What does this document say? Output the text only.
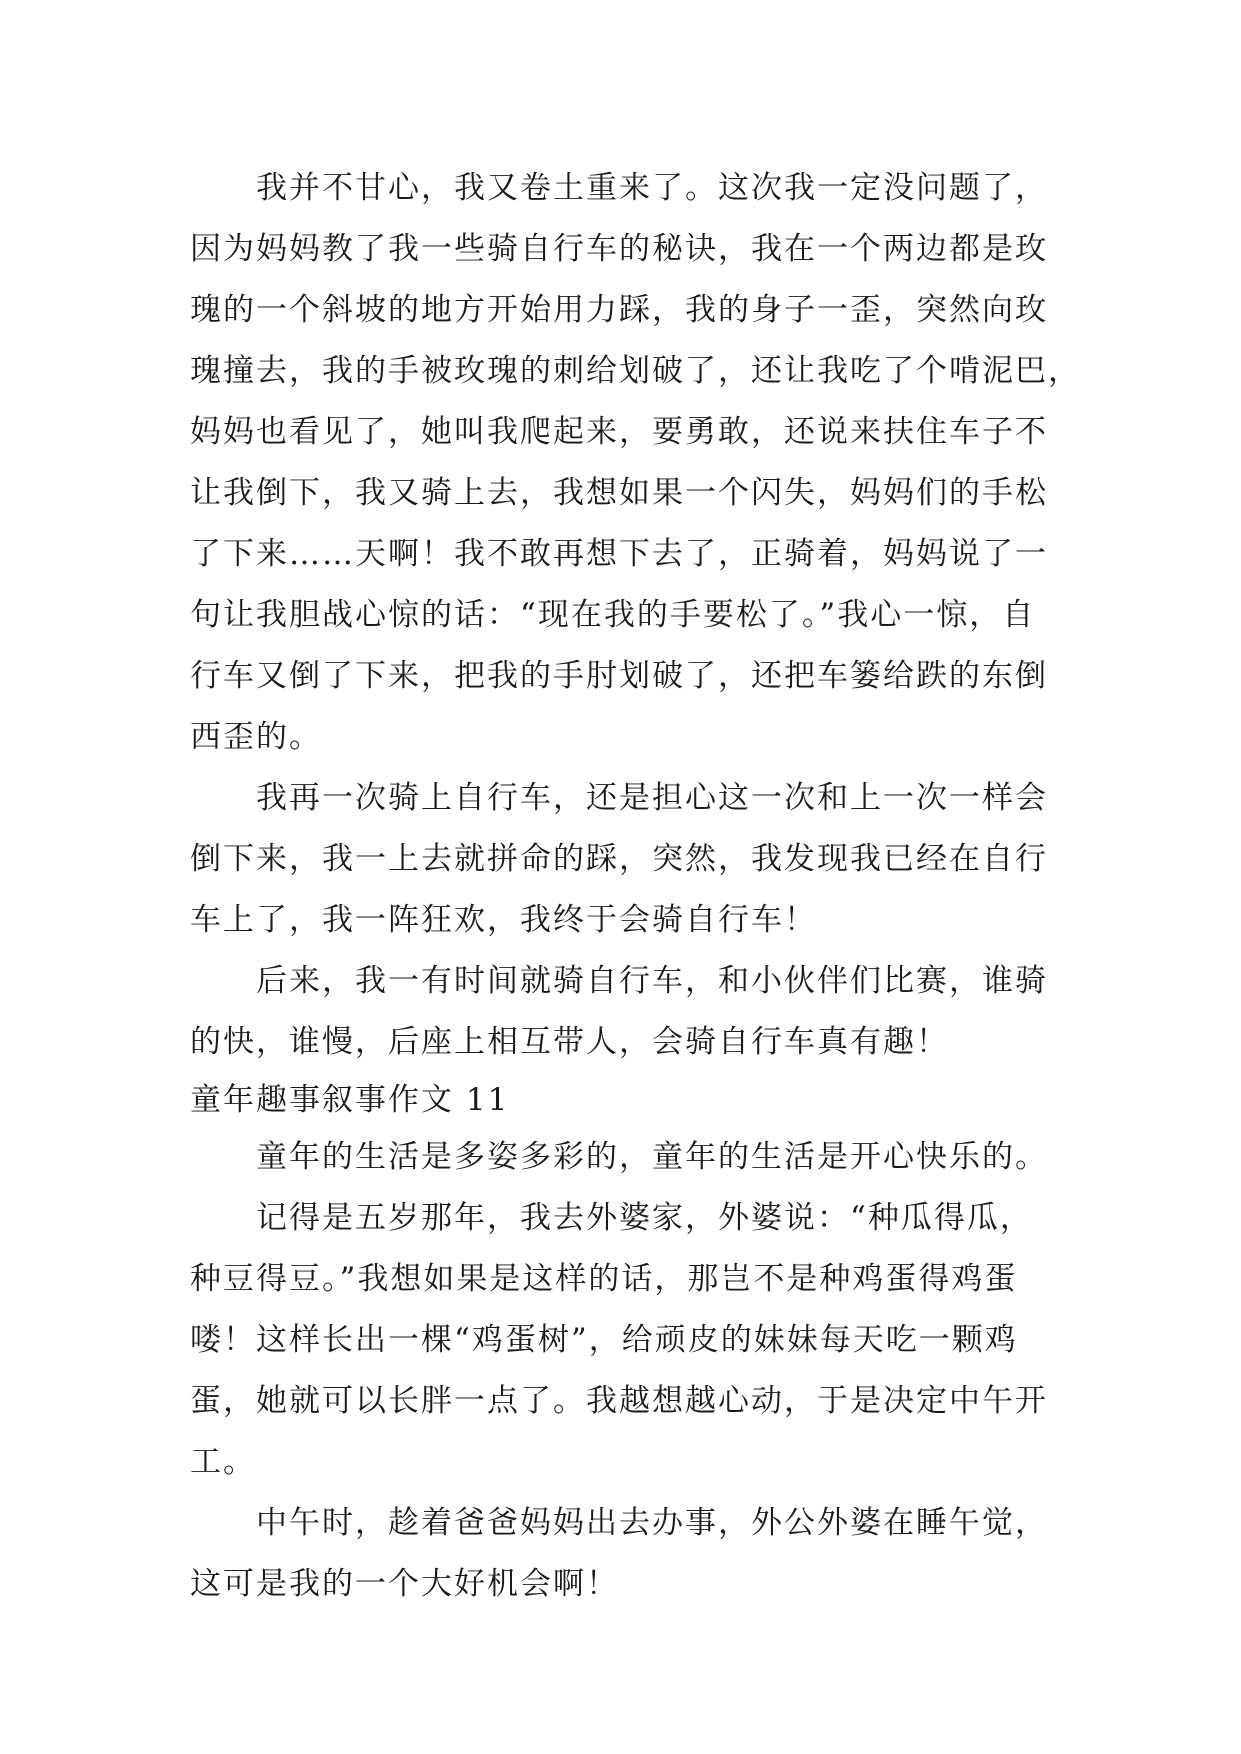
我并不甘心，我又卷土重来了。这次我一定没问题了，
因为妈妈教了我一些骑自行车的秘诀，我在一个两边都是玫
瑰的一个斜坡的地方开始用力踩，我的身子一歪，突然向玫
瑰撞去，我的手被玫瑰的刺给划破了，还让我吃了个啃泥巴，
妈妈也看见了，她叫我爬起来，要勇敢，还说来扶住车子不
让我倒下，我又骑上去，我想如果一个闪失，妈妈们的手松
了下来……天啊！我不敢再想下去了，正骑着，妈妈说了一
句让我胆战心惊的话：“现在我的手要松了。”我心一惊，自
行车又倒了下来，把我的手肘划破了，还把车篓给跌的东倒
西歪的。
我再一次骑上自行车，还是担心这一次和上一次一样会
倒下来，我一上去就拼命的踩，突然，我发现我已经在自行
车上了，我一阵狂欢，我终于会骑自行车！
后来，我一有时间就骑自行车，和小伙伴们比赛，谁骑
的快，谁慢，后座上相互带人，会骑自行车真有趣！
童年趣事叙事作文 11
童年的生活是多姿多彩的，童年的生活是开心快乐的。
记得是五岁那年，我去外婆家，外婆说：“种瓜得瓜，
种豆得豆。”我想如果是这样的话，那岂不是种鸡蛋得鸡蛋
喽！这样长出一棵“鸡蛋树”，给顽皮的妹妹每天吃一颗鸡
蛋，她就可以长胖一点了。我越想越心动，于是决定中午开
工。
中午时，趁着爸爸妈妈出去办事，外公外婆在睡午觉，
这可是我的一个大好机会啊！
